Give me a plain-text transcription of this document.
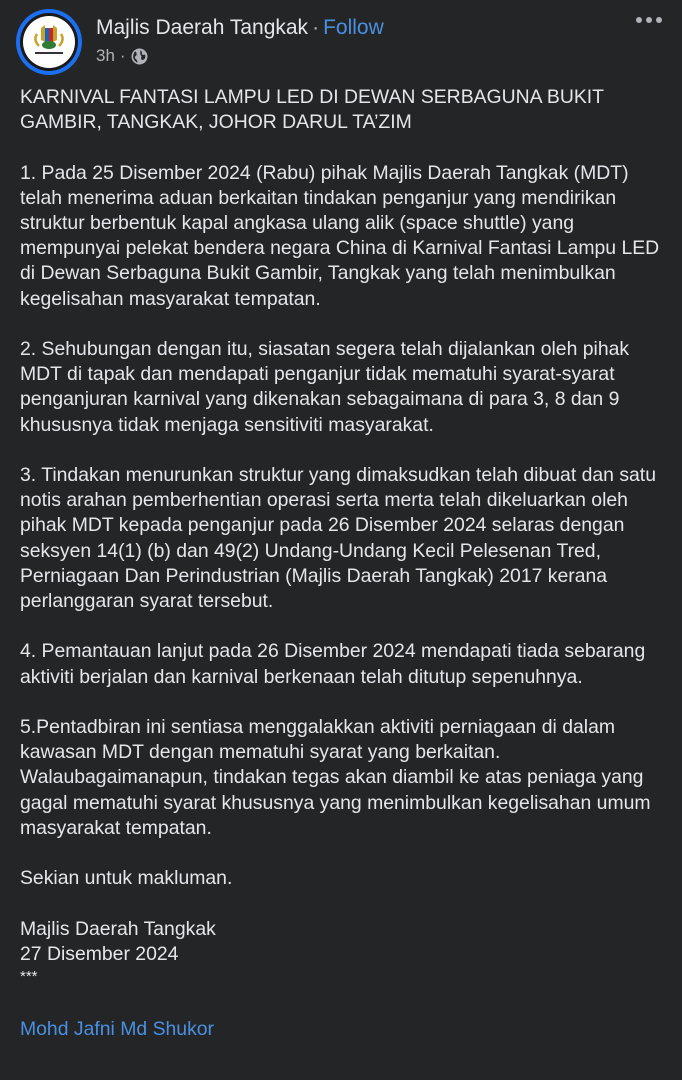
Majlis Daerah Tangkak · Follow
3h ·
KARNIVAL FANTASI LAMPU LED DI DEWAN SERBAGUNA BUKIT GAMBIR, TANGKAK, JOHOR DARUL TA’ZIM
1. Pada 25 Disember 2024 (Rabu) pihak Majlis Daerah Tangkak (MDT) telah menerima aduan berkaitan tindakan penganjur yang mendirikan struktur berbentuk kapal angkasa ulang alik (space shuttle) yang mempunyai pelekat bendera negara China di Karnival Fantasi Lampu LED di Dewan Serbaguna Bukit Gambir, Tangkak yang telah menimbulkan kegelisahan masyarakat tempatan.
2. Sehubungan dengan itu, siasatan segera telah dijalankan oleh pihak MDT di tapak dan mendapati penganjur tidak mematuhi syarat-syarat penganjuran karnival yang dikenakan sebagaimana di para 3, 8 dan 9 khususnya tidak menjaga sensitiviti masyarakat.
3. Tindakan menurunkan struktur yang dimaksudkan telah dibuat dan satu notis arahan pemberhentian operasi serta merta telah dikeluarkan oleh pihak MDT kepada penganjur pada 26 Disember 2024 selaras dengan seksyen 14(1) (b) dan 49(2) Undang-Undang Kecil Pelesenan Tred, Perniagaan Dan Perindustrian (Majlis Daerah Tangkak) 2017 kerana perlanggaran syarat tersebut.
4. Pemantauan lanjut pada 26 Disember 2024 mendapati tiada sebarang aktiviti berjalan dan karnival berkenaan telah ditutup sepenuhnya.
5.Pentadbiran ini sentiasa menggalakkan aktiviti perniagaan di dalam kawasan MDT dengan mematuhi syarat yang berkaitan. Walaubagaimanapun, tindakan tegas akan diambil ke atas peniaga yang gagal mematuhi syarat khususnya yang menimbulkan kegelisahan umum masyarakat tempatan.
Sekian untuk makluman.
Majlis Daerah Tangkak
27 Disember 2024
***
Mohd Jafni Md Shukor
